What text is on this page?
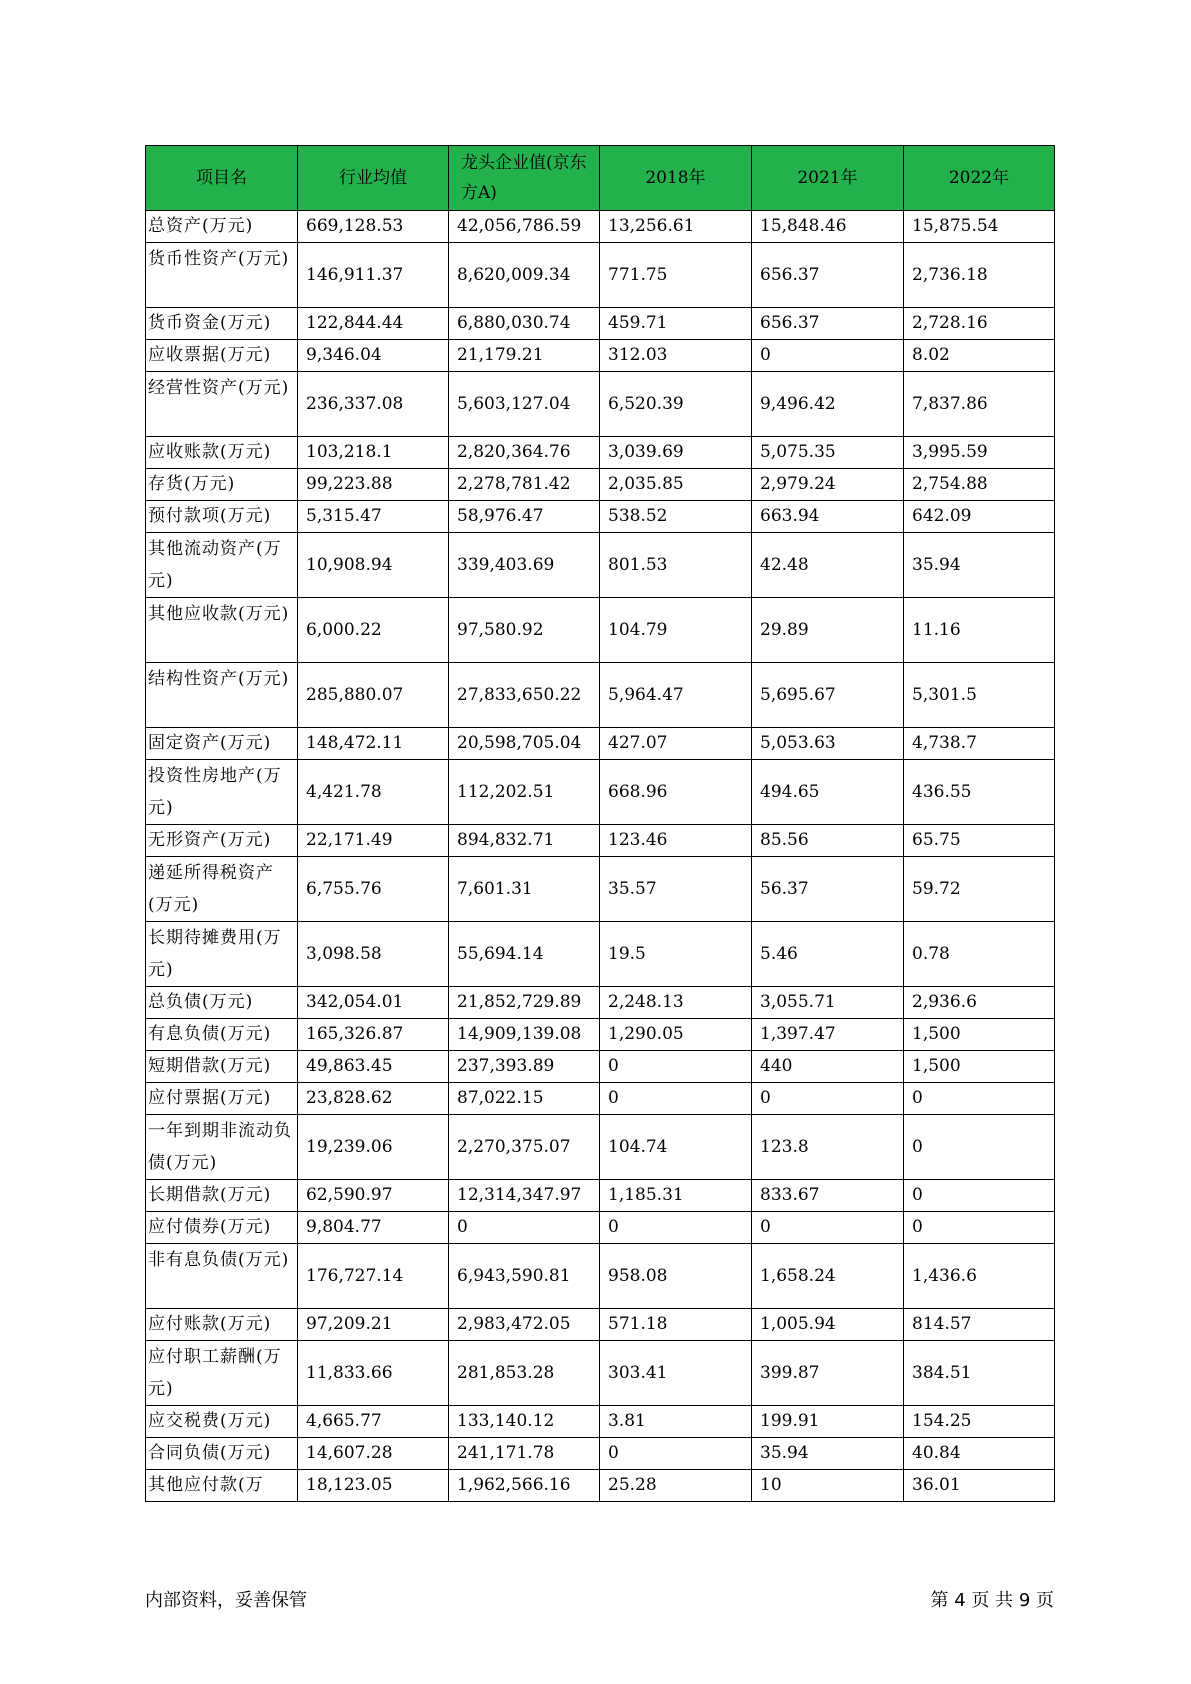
项目名	行业均值	龙头企业值(京东方A)	2018年	2021年	2022年
总资产(万元)	669,128.53	42,056,786.59	13,256.61	15,848.46	15,875.54
货币性资产(万元)	146,911.37	8,620,009.34	771.75	656.37	2,736.18
货币资金(万元)	122,844.44	6,880,030.74	459.71	656.37	2,728.16
应收票据(万元)	9,346.04	21,179.21	312.03	0	8.02
经营性资产(万元)	236,337.08	5,603,127.04	6,520.39	9,496.42	7,837.86
应收账款(万元)	103,218.1	2,820,364.76	3,039.69	5,075.35	3,995.59
存货(万元)	99,223.88	2,278,781.42	2,035.85	2,979.24	2,754.88
预付款项(万元)	5,315.47	58,976.47	538.52	663.94	642.09
其他流动资产(万元)	10,908.94	339,403.69	801.53	42.48	35.94
其他应收款(万元)	6,000.22	97,580.92	104.79	29.89	11.16
结构性资产(万元)	285,880.07	27,833,650.22	5,964.47	5,695.67	5,301.5
固定资产(万元)	148,472.11	20,598,705.04	427.07	5,053.63	4,738.7
投资性房地产(万元)	4,421.78	112,202.51	668.96	494.65	436.55
无形资产(万元)	22,171.49	894,832.71	123.46	85.56	65.75
递延所得税资产(万元)	6,755.76	7,601.31	35.57	56.37	59.72
长期待摊费用(万元)	3,098.58	55,694.14	19.5	5.46	0.78
总负债(万元)	342,054.01	21,852,729.89	2,248.13	3,055.71	2,936.6
有息负债(万元)	165,326.87	14,909,139.08	1,290.05	1,397.47	1,500
短期借款(万元)	49,863.45	237,393.89	0	440	1,500
应付票据(万元)	23,828.62	87,022.15	0	0	0
一年到期非流动负债(万元)	19,239.06	2,270,375.07	104.74	123.8	0
长期借款(万元)	62,590.97	12,314,347.97	1,185.31	833.67	0
应付债券(万元)	9,804.77	0	0	0	0
非有息负债(万元)	176,727.14	6,943,590.81	958.08	1,658.24	1,436.6
应付账款(万元)	97,209.21	2,983,472.05	571.18	1,005.94	814.57
应付职工薪酬(万元)	11,833.66	281,853.28	303.41	399.87	384.51
应交税费(万元)	4,665.77	133,140.12	3.81	199.91	154.25
合同负债(万元)	14,607.28	241,171.78	0	35.94	40.84
其他应付款(万	18,123.05	1,962,566.16	25.28	10	36.01
内部资料，妥善保管	第 4 页 共 9 页
